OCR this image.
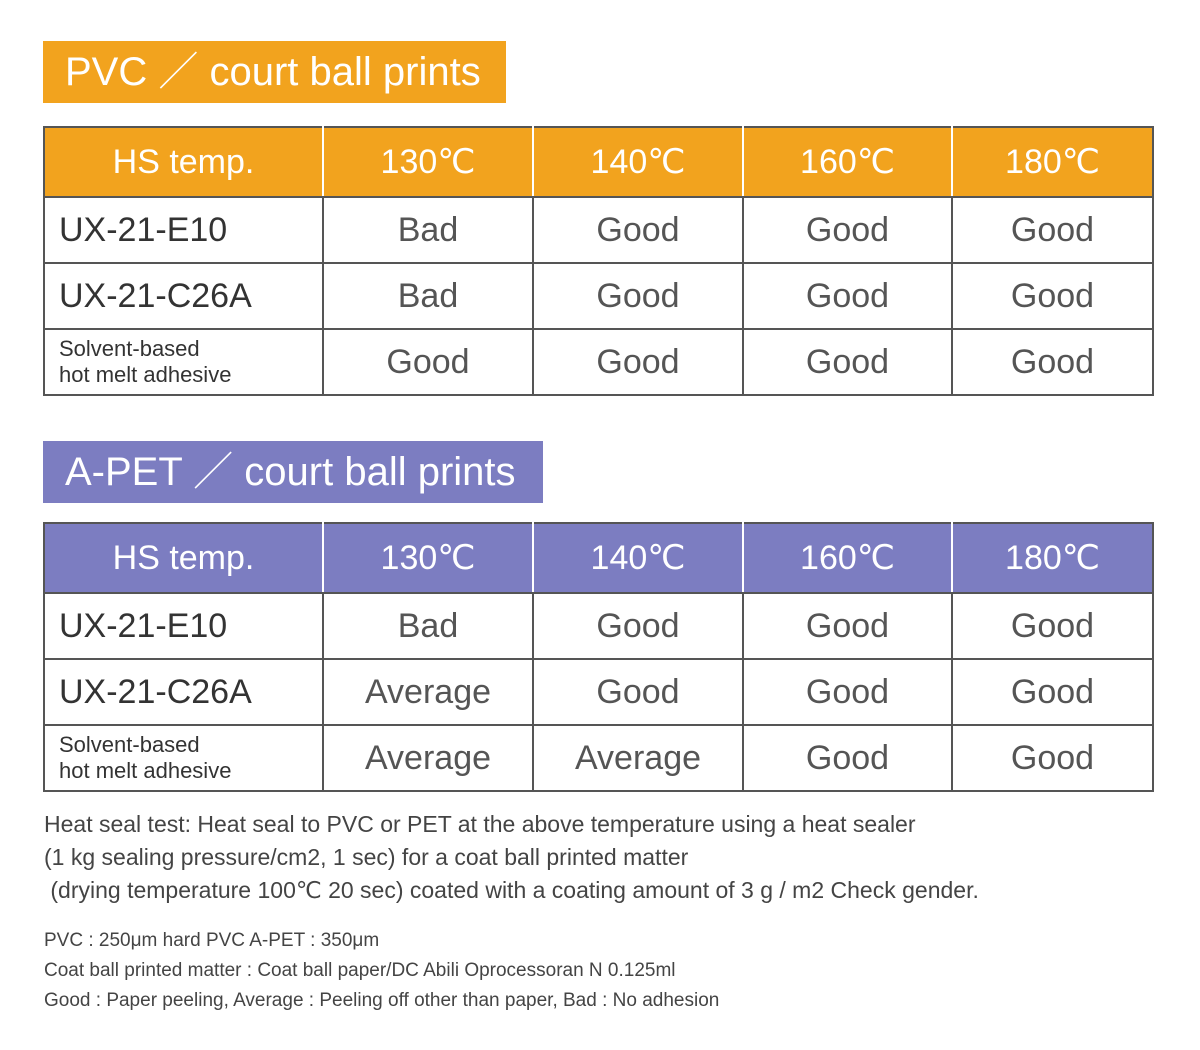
PVC ／ court ball prints
HS temp.	130℃	140℃	160℃	180℃
UX-21-E10	Bad	Good	Good	Good
UX-21-C26A	Bad	Good	Good	Good

Solvent-based
hot melt adhesive	Good	Good	Good	Good
A-PET ／ court ball prints
HS temp.	130℃	140℃	160℃	180℃
UX-21-E10	Bad	Good	Good	Good
UX-21-C26A	Average	Good	Good	Good

Solvent-based
hot melt adhesive	Average	Average	Good	Good
Heat seal test: Heat seal to PVC or PET at the above temperature using a heat sealer
(1 kg sealing pressure/cm2, 1 sec) for a coat ball printed matter
(drying temperature 100℃ 20 sec) coated with a coating amount of 3 g / m2 Check gender.
PVC : 250μm hard PVC A-PET : 350μm
Coat ball printed matter : Coat ball paper/DC Abili Oprocessoran N 0.125ml
Good : Paper peeling, Average : Peeling off other than paper, Bad : No adhesion
